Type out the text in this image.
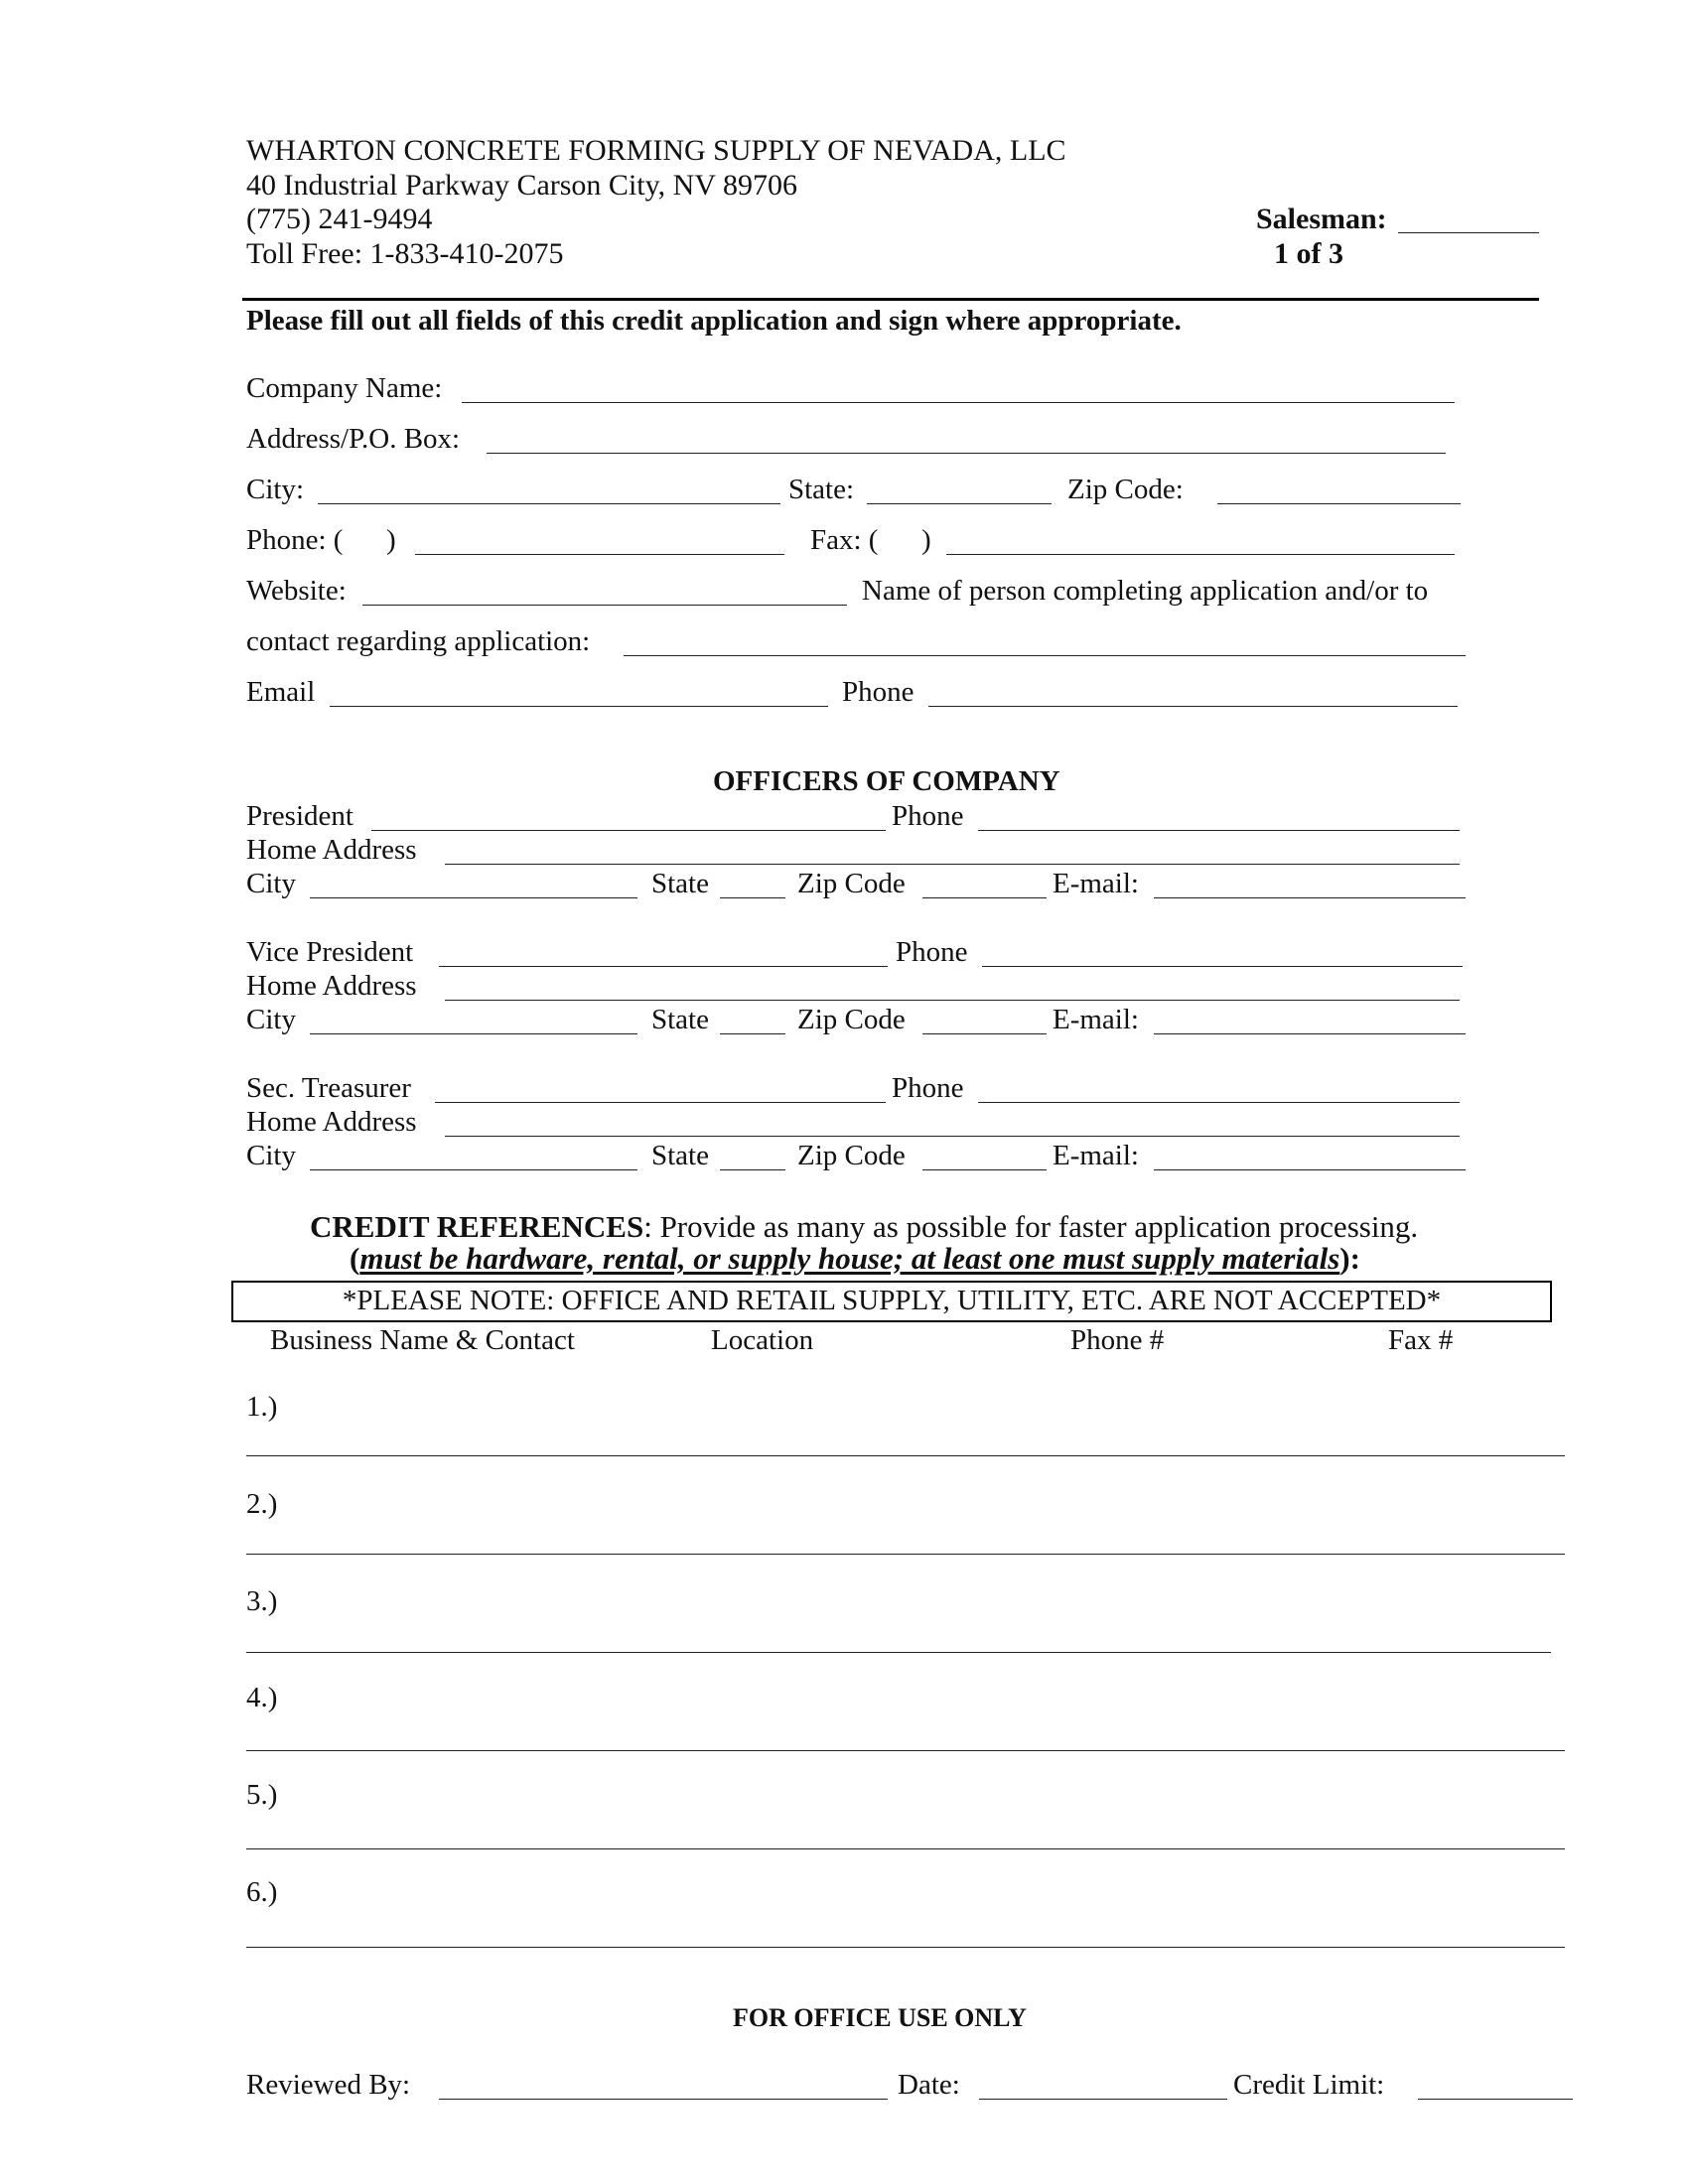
WHARTON CONCRETE FORMING SUPPLY OF NEVADA, LLC
40 Industrial Parkway Carson City, NV 89706
(775) 241-9494
Toll Free: 1-833-410-2075
Salesman:
1 of 3
Please fill out all fields of this credit application and sign where appropriate.
Company Name:
Address/P.O. Box:
City:	State:	Zip Code:
Phone: (      )	Fax: (      )
Website:	Name of person completing application and/or to
contact regarding application:
Email	Phone
OFFICERS OF COMPANY
President	Phone
Home Address
City	State	Zip Code	E-mail:
Vice President	Phone
Home Address
City	State	Zip Code	E-mail:
Sec. Treasurer	Phone
Home Address
City	State	Zip Code	E-mail:
CREDIT REFERENCES: Provide as many as possible for faster application processing.
(must be hardware, rental, or supply house; at least one must supply materials):
*PLEASE NOTE: OFFICE AND RETAIL SUPPLY, UTILITY, ETC. ARE NOT ACCEPTED*
Business Name & Contact	Location	Phone #	Fax #
1.)
2.)
3.)
4.)
5.)
6.)
FOR OFFICE USE ONLY
Reviewed By:	Date:	Credit Limit:
